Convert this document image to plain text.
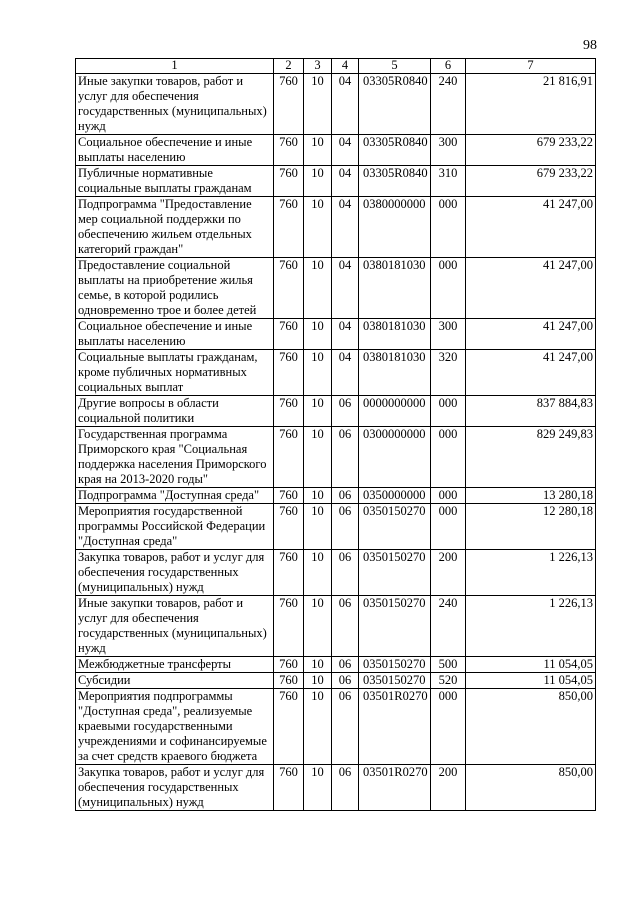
98
1	2	3	4	5	6	7
Иные закупки товаров, работ и услуг для обеспечения государственных (муниципальных) нужд	760	10	04	03305R0840	240	21 816,91
Социальное обеспечение и иные выплаты населению	760	10	04	03305R0840	300	679 233,22
Публичные нормативные социальные выплаты гражданам	760	10	04	03305R0840	310	679 233,22
Подпрограмма "Предоставление мер социальной поддержки по обеспечению жильем отдельных категорий граждан"	760	10	04	0380000000	000	41 247,00
Предоставление социальной выплаты на приобретение жилья семье, в которой родились одновременно трое и более детей	760	10	04	0380181030	000	41 247,00
Социальное обеспечение и иные выплаты населению	760	10	04	0380181030	300	41 247,00
Социальные выплаты гражданам, кроме публичных нормативных социальных выплат	760	10	04	0380181030	320	41 247,00
Другие вопросы в области социальной политики	760	10	06	0000000000	000	837 884,83
Государственная программа Приморского края "Социальная поддержка населения Приморского края на 2013-2020 годы"	760	10	06	0300000000	000	829 249,83
Подпрограмма "Доступная среда"	760	10	06	0350000000	000	13 280,18
Мероприятия государственной программы Российской Федерации "Доступная среда"	760	10	06	0350150270	000	12 280,18
Закупка товаров, работ и услуг для обеспечения государственных (муниципальных) нужд	760	10	06	0350150270	200	1 226,13
Иные закупки товаров, работ и услуг для обеспечения государственных (муниципальных) нужд	760	10	06	0350150270	240	1 226,13
Межбюджетные трансферты	760	10	06	0350150270	500	11 054,05
Субсидии	760	10	06	0350150270	520	11 054,05
Мероприятия подпрограммы "Доступная среда", реализуемые краевыми государственными учреждениями и софинансируемые за счет средств краевого бюджета	760	10	06	03501R0270	000	850,00
Закупка товаров, работ и услуг для обеспечения государственных (муниципальных) нужд	760	10	06	03501R0270	200	850,00
